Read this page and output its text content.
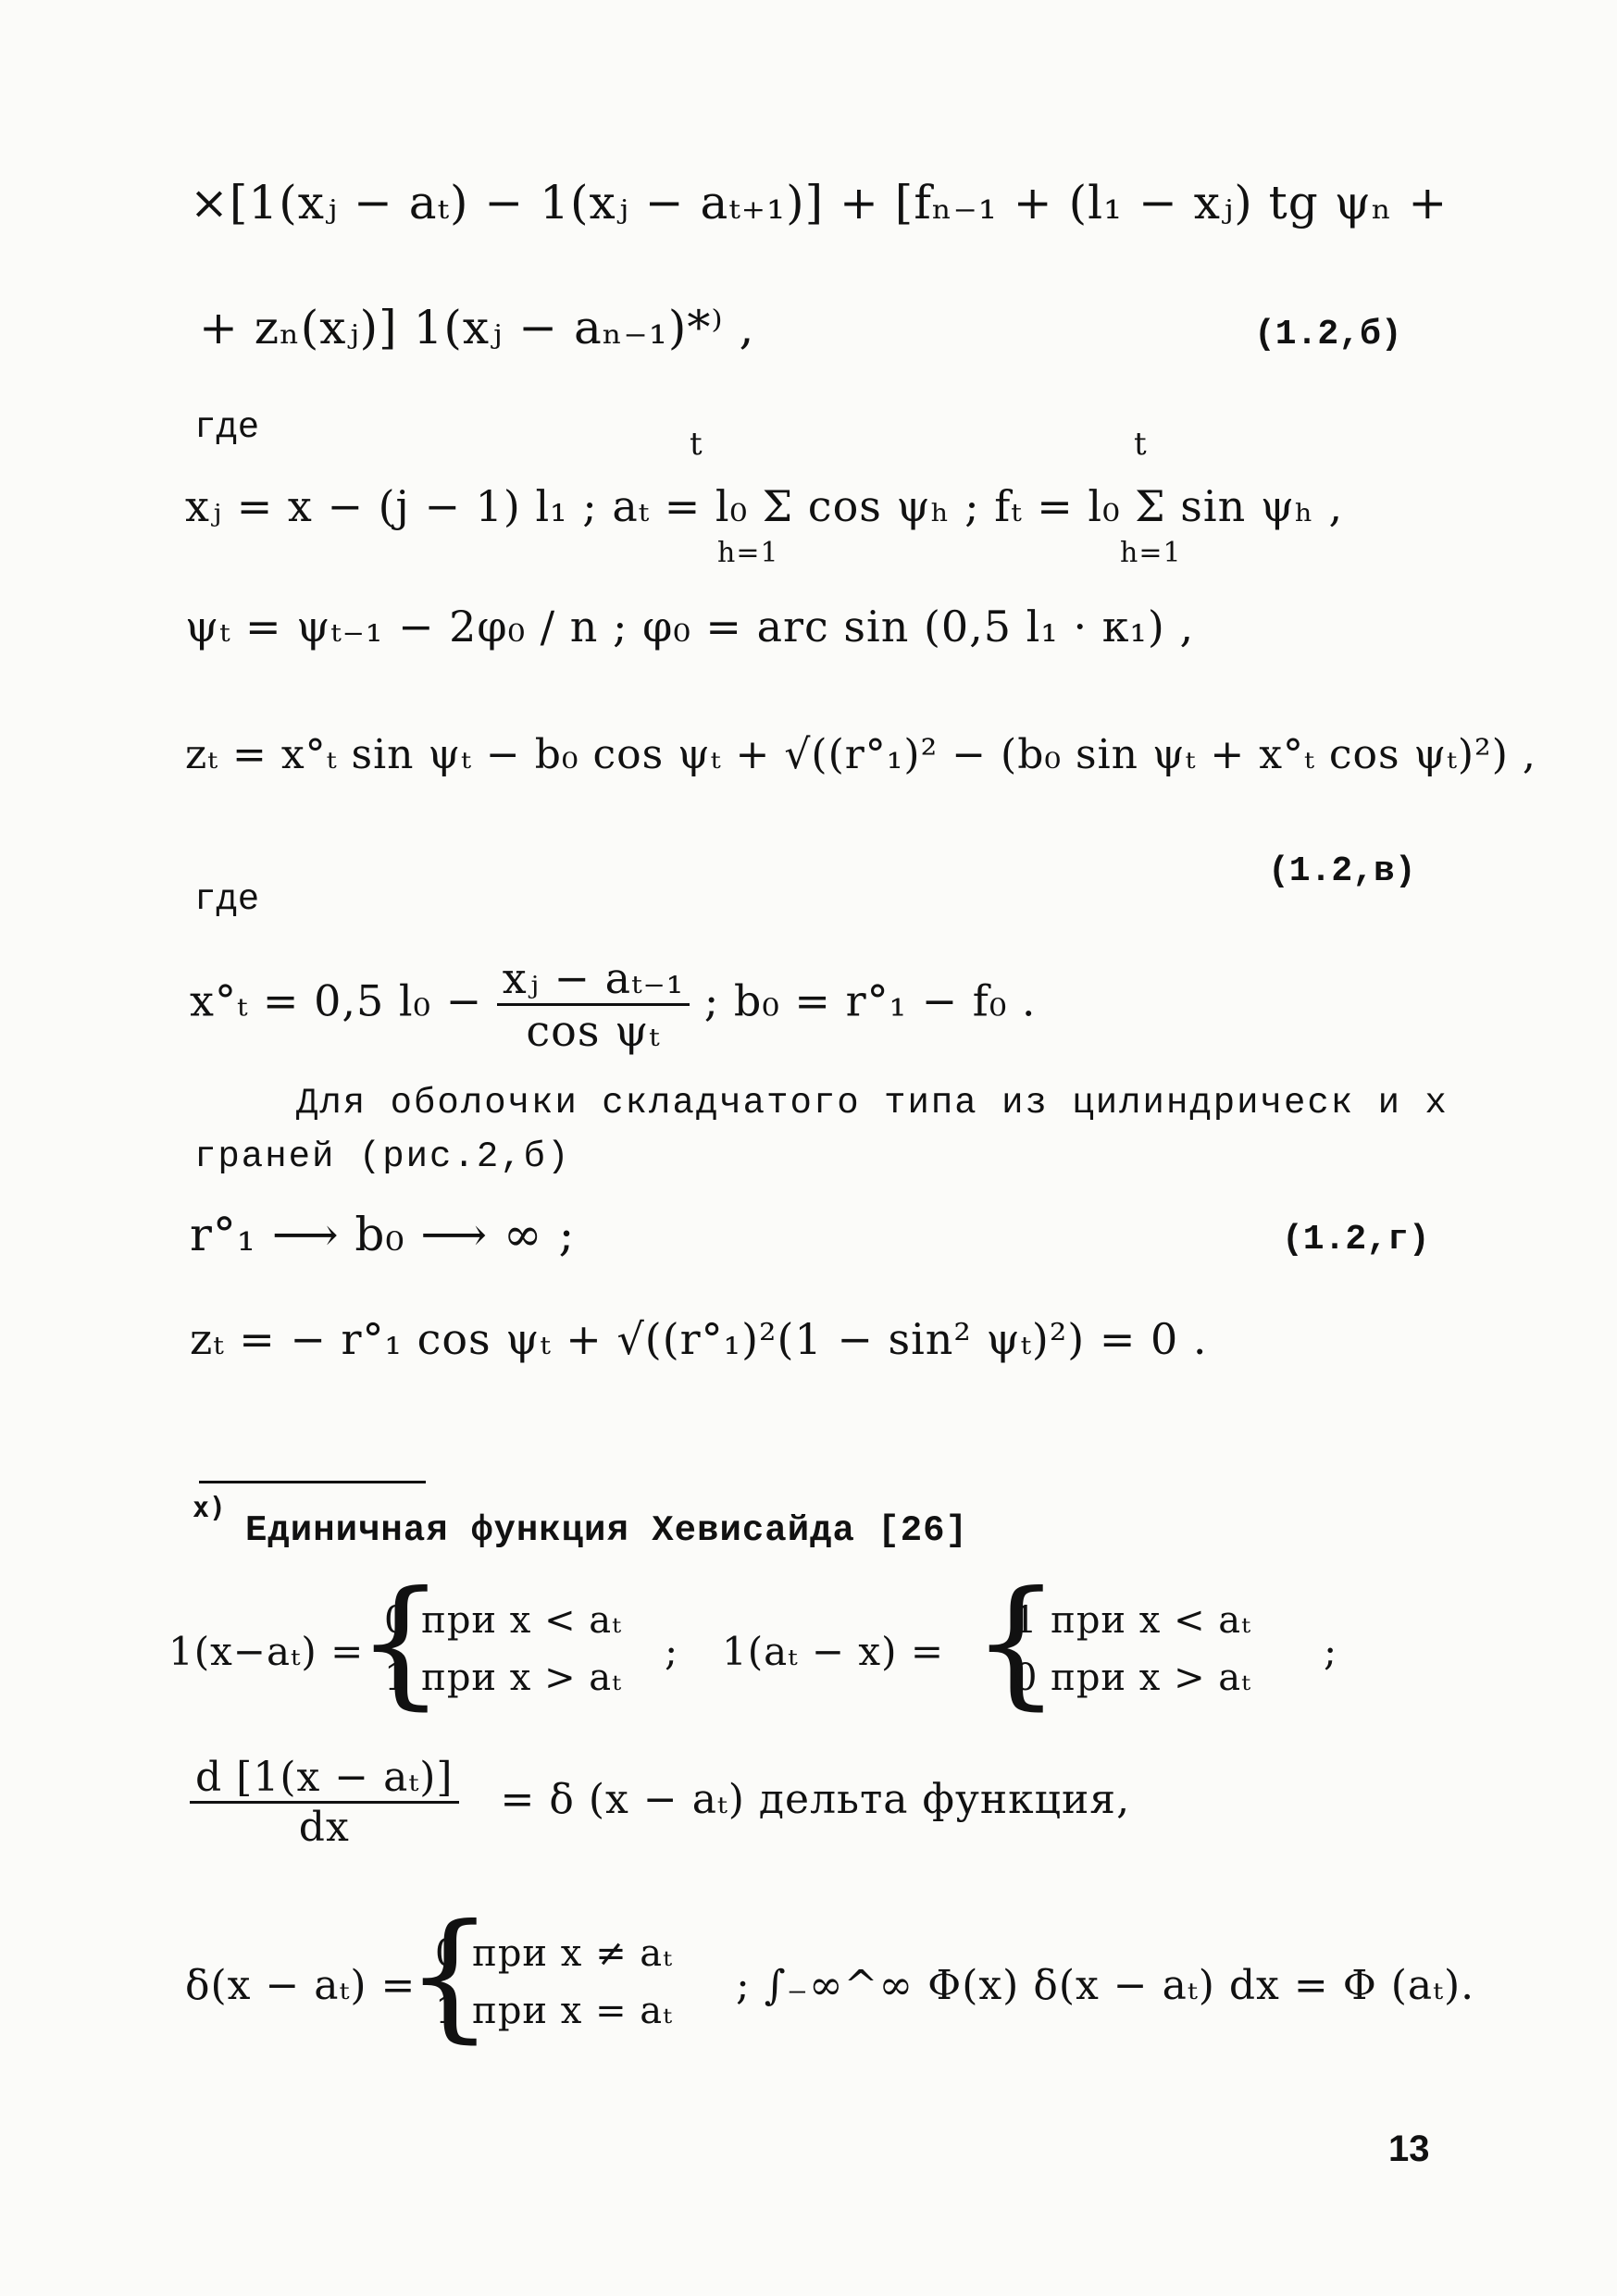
×[1(xⱼ − aₜ) − 1(xⱼ − aₜ₊₁)] + [fₙ₋₁ + (l₁ − xⱼ) tg ψₙ +
+ zₙ(xⱼ)] 1(xⱼ − aₙ₋₁)*⁾ ,	(1.2,б)
где	t	t
xⱼ = x − (j − 1) l₁ ; aₜ = l₀ Σ cos ψₕ ; fₜ = l₀ Σ sin ψₕ ,
h=1	h=1
ψₜ = ψₜ₋₁ − 2φ₀ / n ; φ₀ = arc sin (0,5 l₁ · κ₁) ,
zₜ = x°ₜ sin ψₜ − b₀ cos ψₜ + √((r°₁)² − (b₀ sin ψₜ + x°ₜ cos ψₜ)²) ,
(1.2,в)
где
x°ₜ = 0,5 $l_0 - \frac{\text{xⱼ − aₜ₋₁}}{\text{cos ψₜ}}$ ; b₀ = r°₁ − f₀ .
Для оболочки складчатого типа из цилиндрическ и х
граней (рис.2,б)
r°₁ ⟶ b₀ ⟶ ∞ ;	(1.2,г)
zₜ = − r°₁ cos ψₜ + √((r°₁)²(1 − sin² ψₜ)²) = 0 .
x)
Единичная функция Хевисайда [26]
1(x−aₜ) =
{
0 при x < aₜ
1 при x > aₜ
; 1(aₜ − x) = {
1 при x < aₜ
0 при x > aₜ
;
$\frac{\text{d [1(x − aₜ)]}}{dx} = \delta$ (x − aₜ) дельта функция,
δ(x − aₜ) =
{
0 при x ≠ aₜ
1 при x = aₜ
; ∫₋∞^∞ Φ(x) δ(x − aₜ) dx = Φ (aₜ).
13
